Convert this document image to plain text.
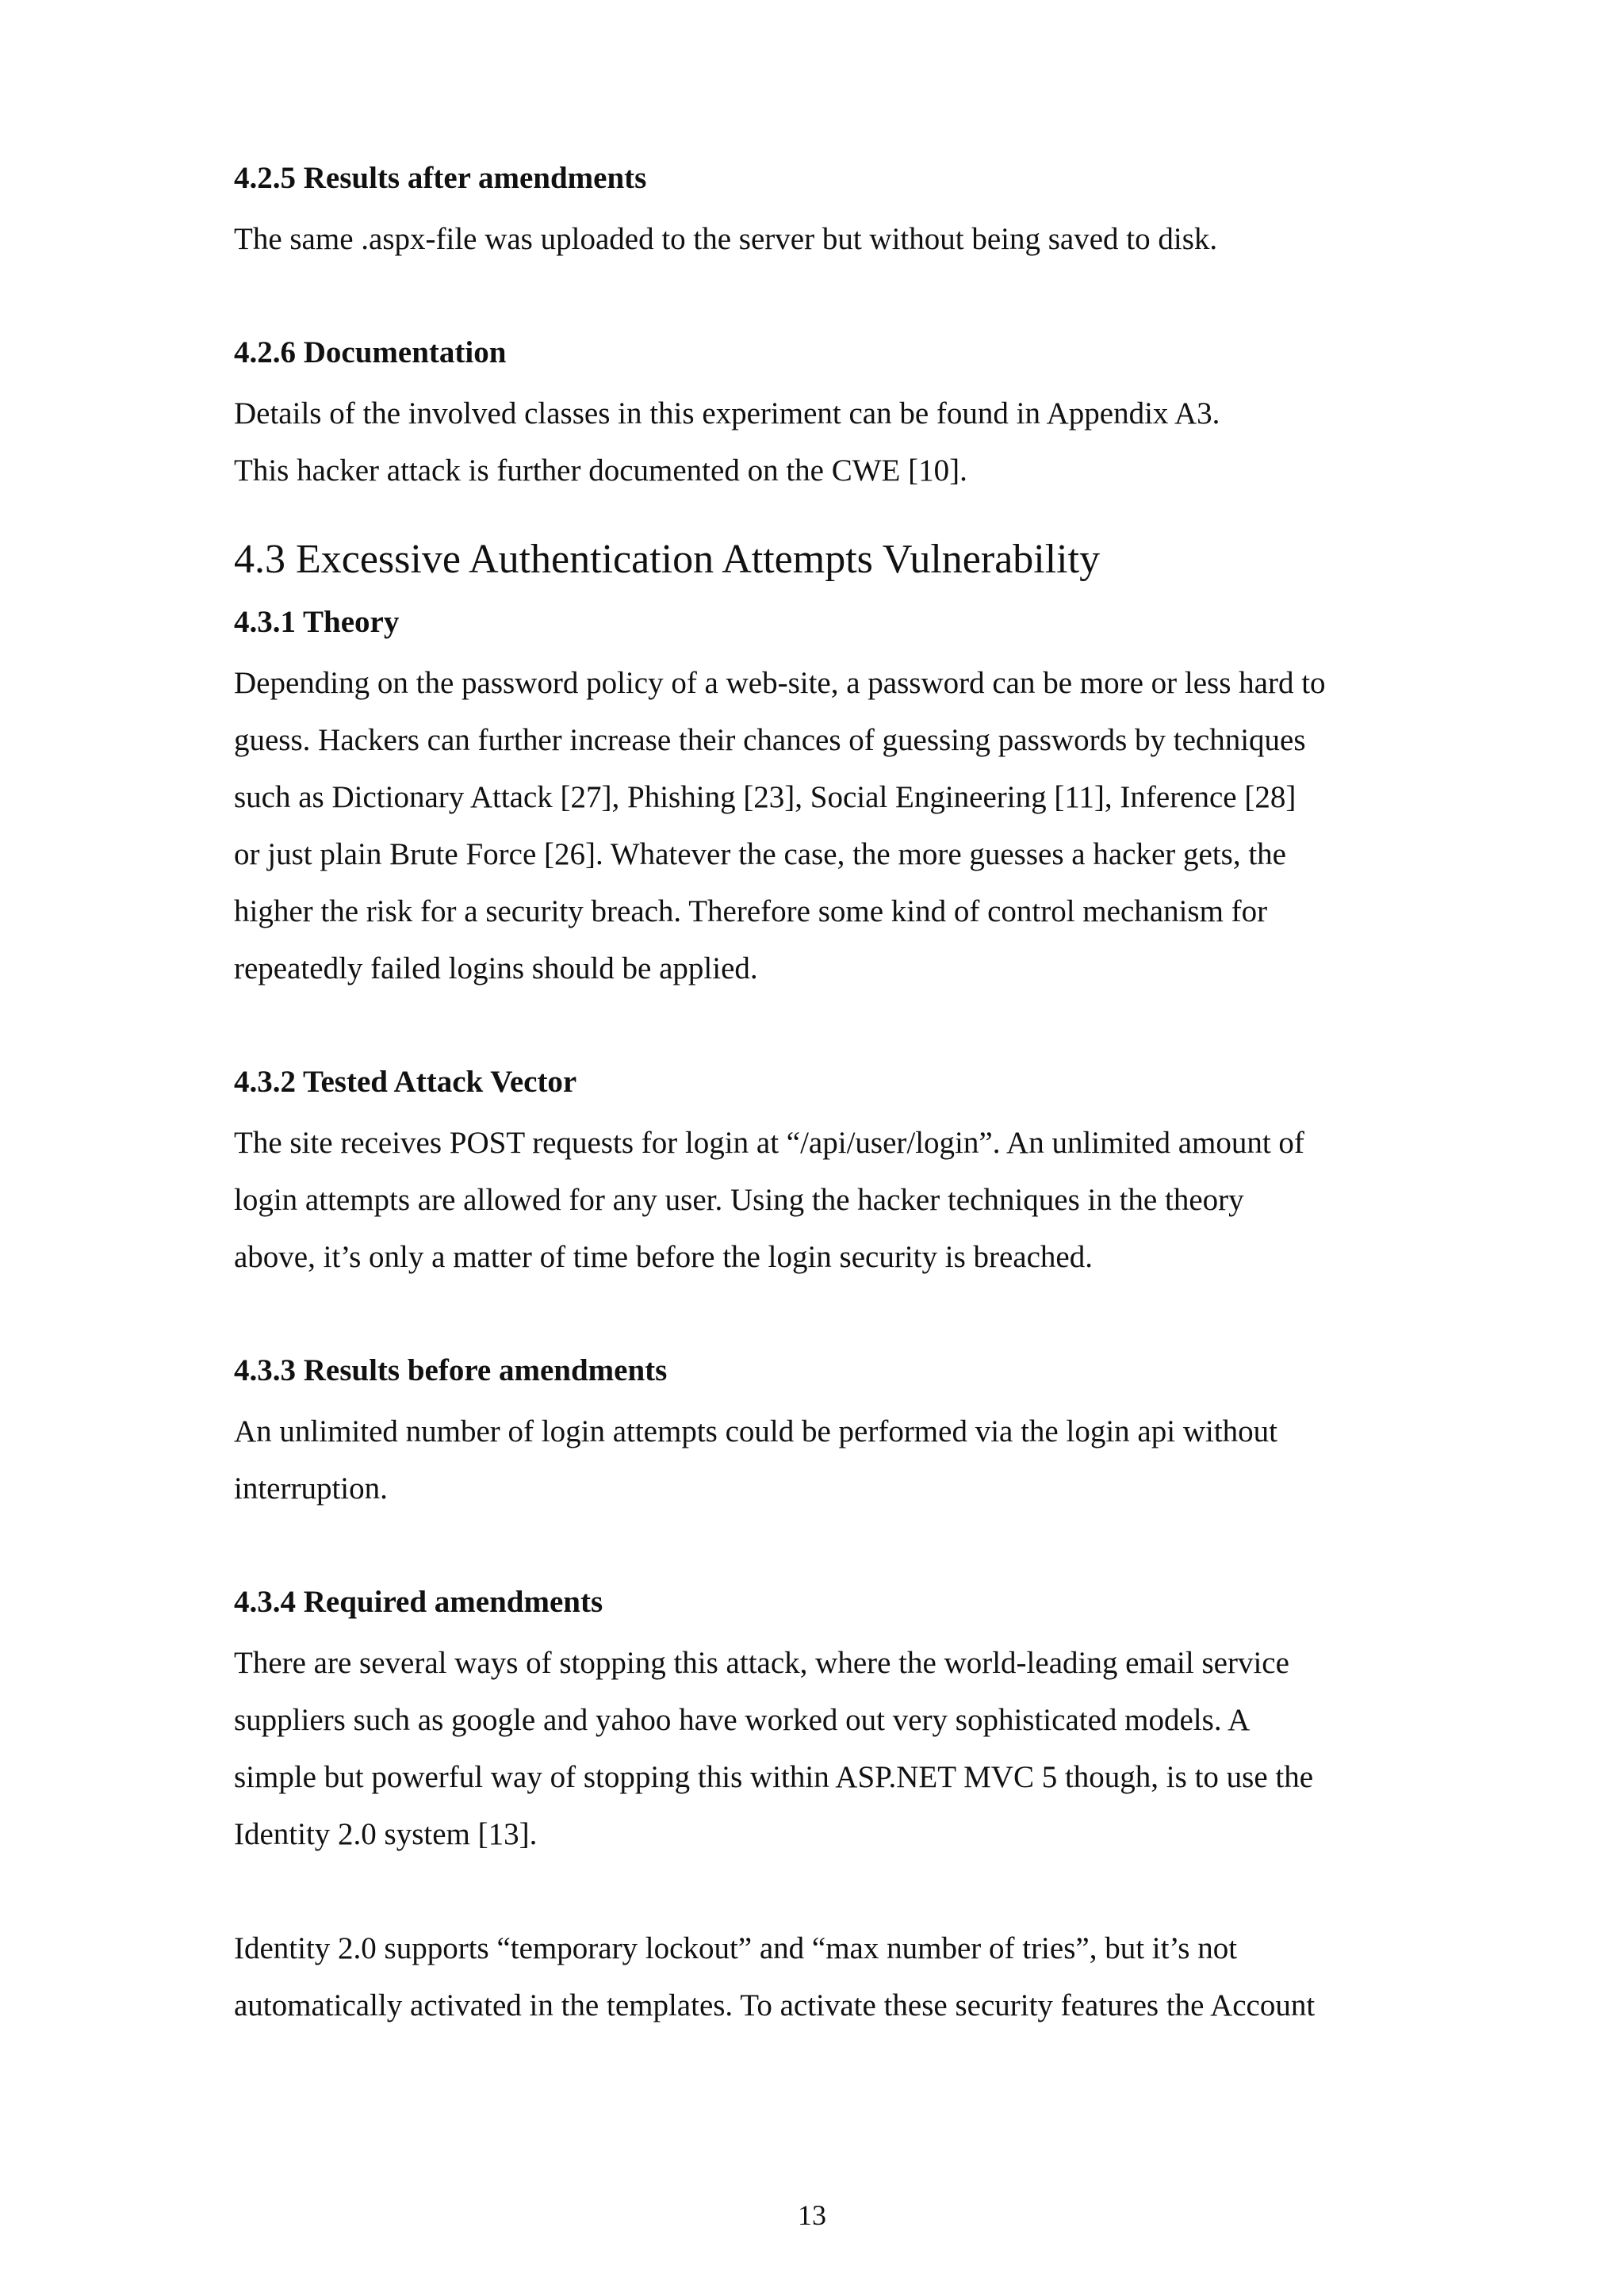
4.2.5 Results after amendments
The same .aspx-file was uploaded to the server but without being saved to disk.
4.2.6 Documentation
Details of the involved classes in this experiment can be found in Appendix A3.
This hacker attack is further documented on the CWE [10].
4.3 Excessive Authentication Attempts Vulnerability
4.3.1 Theory
Depending on the password policy of a web-site, a password can be more or less hard to
guess. Hackers can further increase their chances of guessing passwords by techniques
such as Dictionary Attack [27], Phishing [23], Social Engineering [11], Inference [28]
or just plain Brute Force [26]. Whatever the case, the more guesses a hacker gets, the
higher the risk for a security breach. Therefore some kind of control mechanism for
repeatedly failed logins should be applied.
4.3.2 Tested Attack Vector
The site receives POST requests for login at “/api/user/login”. An unlimited amount of
login attempts are allowed for any user. Using the hacker techniques in the theory
above, it’s only a matter of time before the login security is breached.
4.3.3 Results before amendments
An unlimited number of login attempts could be performed via the login api without
interruption.
4.3.4 Required amendments
There are several ways of stopping this attack, where the world-leading email service
suppliers such as google and yahoo have worked out very sophisticated models. A
simple but powerful way of stopping this within ASP.NET MVC 5 though, is to use the
Identity 2.0 system [13].
Identity 2.0 supports “temporary lockout” and “max number of tries”, but it’s not
automatically activated in the templates. To activate these security features the Account
13
